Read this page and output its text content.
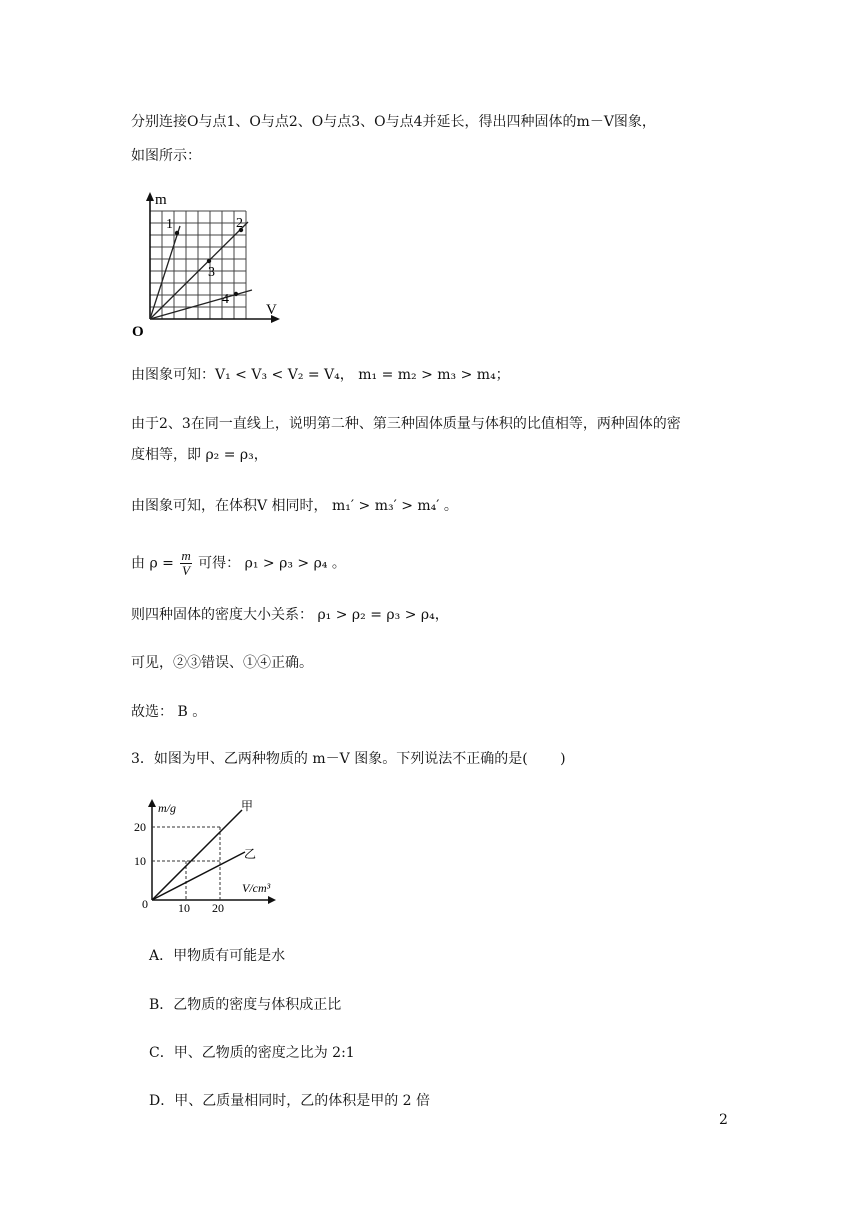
分别连接O与点1、O与点2、O与点3、O与点4并延长，得出四种固体的m－V图象，
如图所示：
m
V
O
1	2
3
4
由图象可知：V₁ < V₃ < V₂ = V₄， m₁ = m₂ > m₃ > m₄；
由于2、3在同一直线上，说明第二种、第三种固体质量与体积的比值相等，两种固体的密
度相等，即 ρ₂ = ρ₃，
由图象可知，在体积V 相同时， m₁′ > m₃′ > m₄′ 。
由 $\rho = \frac{m}{V}$ 可得： ρ₁ > ρ₃ > ρ₄ 。
则四种固体的密度大小关系： ρ₁ > ρ₂ = ρ₃ > ρ₄，
可见，②③错误、①④正确。
故选： B 。
3．如图为甲、乙两种物质的 m－V 图象。下列说法不正确的是(　　 )
m/g
V/cm³
20
10
10 20
0
甲
乙
A．甲物质有可能是水
B．乙物质的密度与体积成正比
C．甲、乙物质的密度之比为 2:1
D．甲、乙质量相同时，乙的体积是甲的 2 倍
2
